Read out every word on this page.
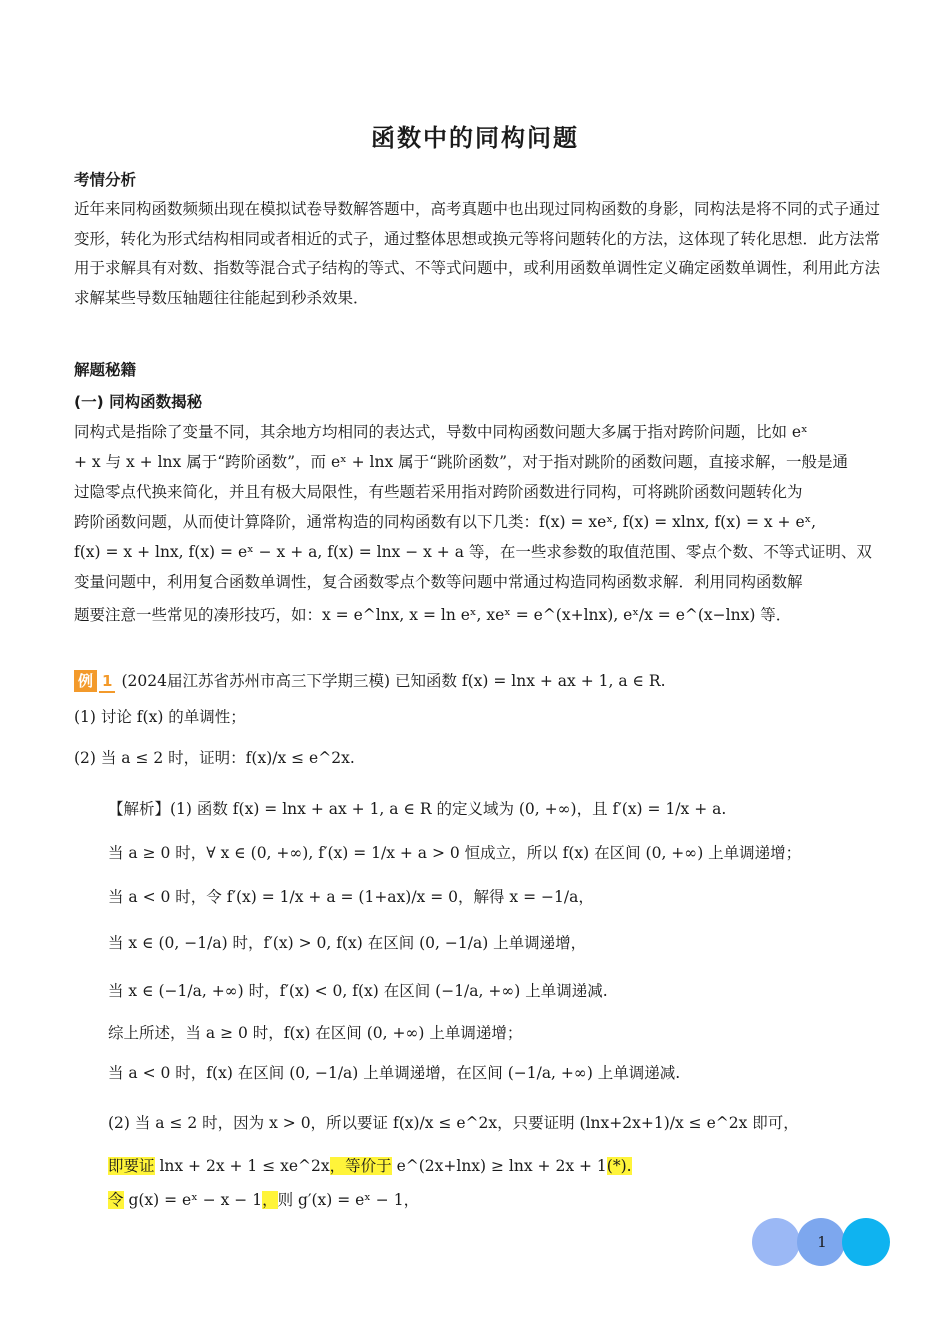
函数中的同构问题
考情分析
近年来同构函数频频出现在模拟试卷导数解答题中，高考真题中也出现过同构函数的身影，同构法是将不同的式子通过变形，转化为形式结构相同或者相近的式子，通过整体思想或换元等将问题转化的方法，这体现了转化思想．此方法常用于求解具有对数、指数等混合式子结构的等式、不等式问题中，或利用函数单调性定义确定函数单调性，利用此方法求解某些导数压轴题往往能起到秒杀效果．
解题秘籍
(一) 同构函数揭秘
同构式是指除了变量不同，其余地方均相同的表达式，导数中同构函数问题大多属于指对跨阶问题，比如 eˣ
+ x 与 x + lnx 属于“跨阶函数”，而 eˣ + lnx 属于“跳阶函数”，对于指对跳阶的函数问题，直接求解，一般是通
过隐零点代换来简化，并且有极大局限性，有些题若采用指对跨阶函数进行同构，可将跳阶函数问题转化为
跨阶函数问题，从而使计算降阶，通常构造的同构函数有以下几类：f(x) = xeˣ, f(x) = xlnx, f(x) = x + eˣ,
f(x) = x + lnx, f(x) = eˣ − x + a, f(x) = lnx − x + a 等，在一些求参数的取值范围、零点个数、不等式证明、双
变量问题中，利用复合函数单调性，复合函数零点个数等问题中常通过构造同构函数求解．利用同构函数解
题要注意一些常见的凑形技巧，如：x = e^lnx, x = ln eˣ, xeˣ = e^(x+lnx), eˣ/x = e^(x−lnx) 等．
例 1 (2024届江苏省苏州市高三下学期三模) 已知函数 f(x) = lnx + ax + 1, a ∈ R.
(1) 讨论 f(x) 的单调性；
(2) 当 a ≤ 2 时，证明：f(x)/x ≤ e^2x.
【解析】(1) 函数 f(x) = lnx + ax + 1, a ∈ R 的定义域为 (0, +∞)，且 f′(x) = 1/x + a.
当 a ≥ 0 时，∀ x ∈ (0, +∞), f′(x) = 1/x + a > 0 恒成立，所以 f(x) 在区间 (0, +∞) 上单调递增；
当 a < 0 时，令 f′(x) = 1/x + a = (1+ax)/x = 0，解得 x = −1/a，
当 x ∈ (0, −1/a) 时，f′(x) > 0, f(x) 在区间 (0, −1/a) 上单调递增，
当 x ∈ (−1/a, +∞) 时，f′(x) < 0, f(x) 在区间 (−1/a, +∞) 上单调递减.
综上所述，当 a ≥ 0 时，f(x) 在区间 (0, +∞) 上单调递增；
当 a < 0 时，f(x) 在区间 (0, −1/a) 上单调递增，在区间 (−1/a, +∞) 上单调递减.
(2) 当 a ≤ 2 时，因为 x > 0，所以要证 f(x)/x ≤ e^2x，只要证明 (lnx+2x+1)/x ≤ e^2x 即可，
即要证 lnx + 2x + 1 ≤ xe^2x，等价于 e^(2x+lnx) ≥ lnx + 2x + 1(*).
令 g(x) = eˣ − x − 1，则 g′(x) = eˣ − 1，
1
